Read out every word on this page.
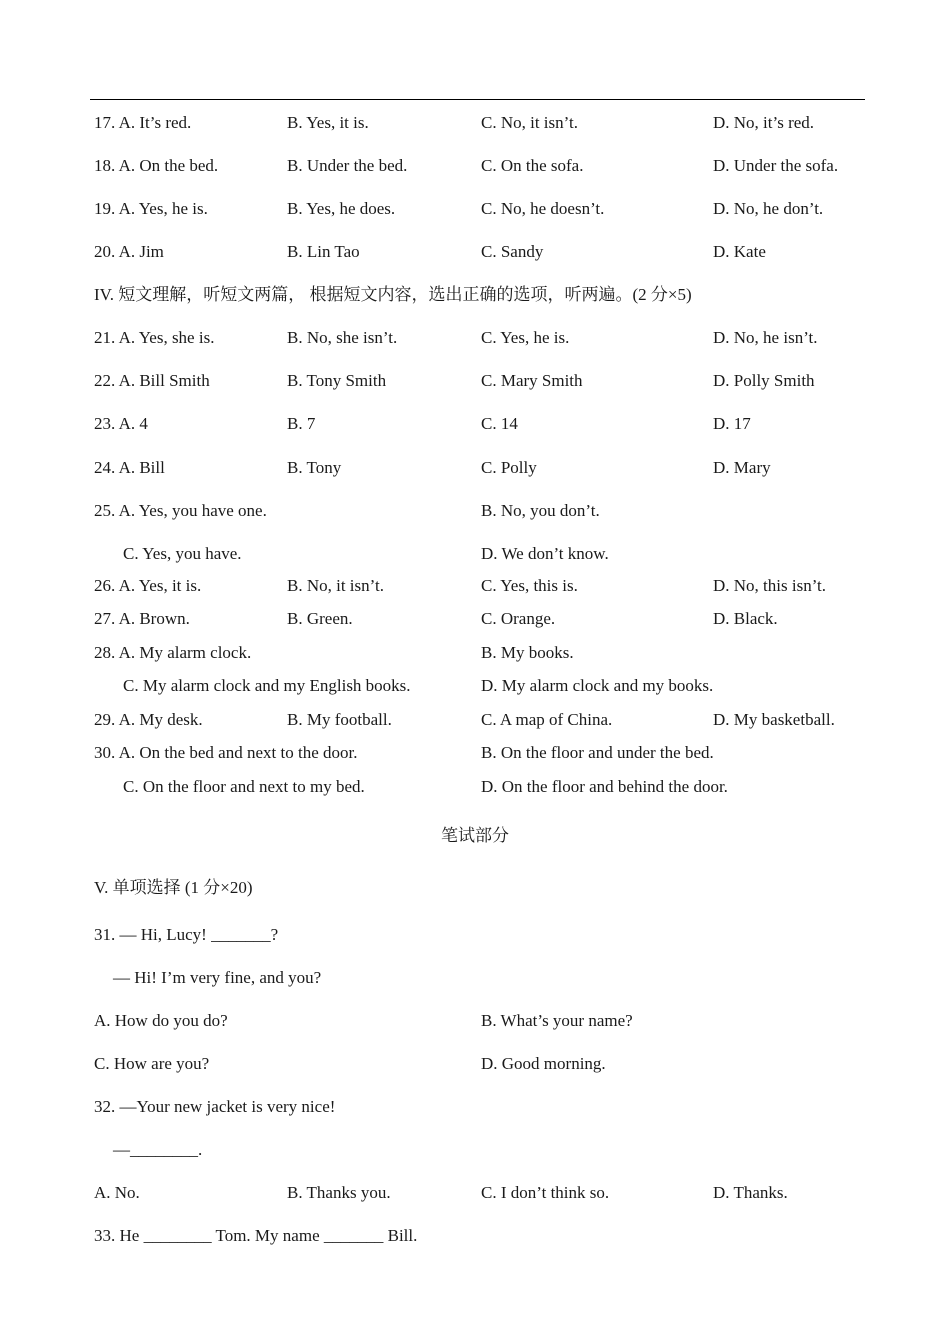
17. A. It’s red.	B. Yes, it is.	C. No, it isn’t.	D. No, it’s red.
18. A. On the bed.	B. Under the bed.	C. On the sofa.	D. Under the sofa.
19. A. Yes, he is.	B. Yes, he does.	C. No, he doesn’t.	D. No, he don’t.
20. A. Jim	B. Lin Tao	C. Sandy	D. Kate
IV. 短文理解，听短文两篇， 根据短文内容，选出正确的选项，听两遍。(2 分×5)
21. A. Yes, she is.	B. No, she isn’t.	C. Yes, he is.	D. No, he isn’t.
22. A. Bill Smith	B. Tony Smith	C. Mary Smith	D. Polly Smith
23. A. 4	B. 7	C. 14	D. 17
24. A. Bill	B. Tony	C. Polly	D. Mary
25. A. Yes, you have one.	B. No, you don’t.
C. Yes, you have.	D. We don’t know.
26. A. Yes, it is.	B. No, it isn’t.	C. Yes, this is.	D. No, this isn’t.
27. A. Brown.	B. Green.	C. Orange.	D. Black.
28. A. My alarm clock.	B. My books.
C. My alarm clock and my English books.	D. My alarm clock and my books.
29. A. My desk.	B. My football.	C. A map of China.	D. My basketball.
30. A. On the bed and next to the door.	B. On the floor and under the bed.
C. On the floor and next to my bed.	D. On the floor and behind the door.
笔试部分
V. 单项选择 (1 分×20)
31. — Hi, Lucy! _______?
— Hi! I’m very fine, and you?
A. How do you do?	B. What’s your name?
C. How are you?	D. Good morning.
32. —Your new jacket is very nice!
—________.
A. No.	B. Thanks you.	C. I don’t think so.	D. Thanks.
33. He ________ Tom. My name _______ Bill.
